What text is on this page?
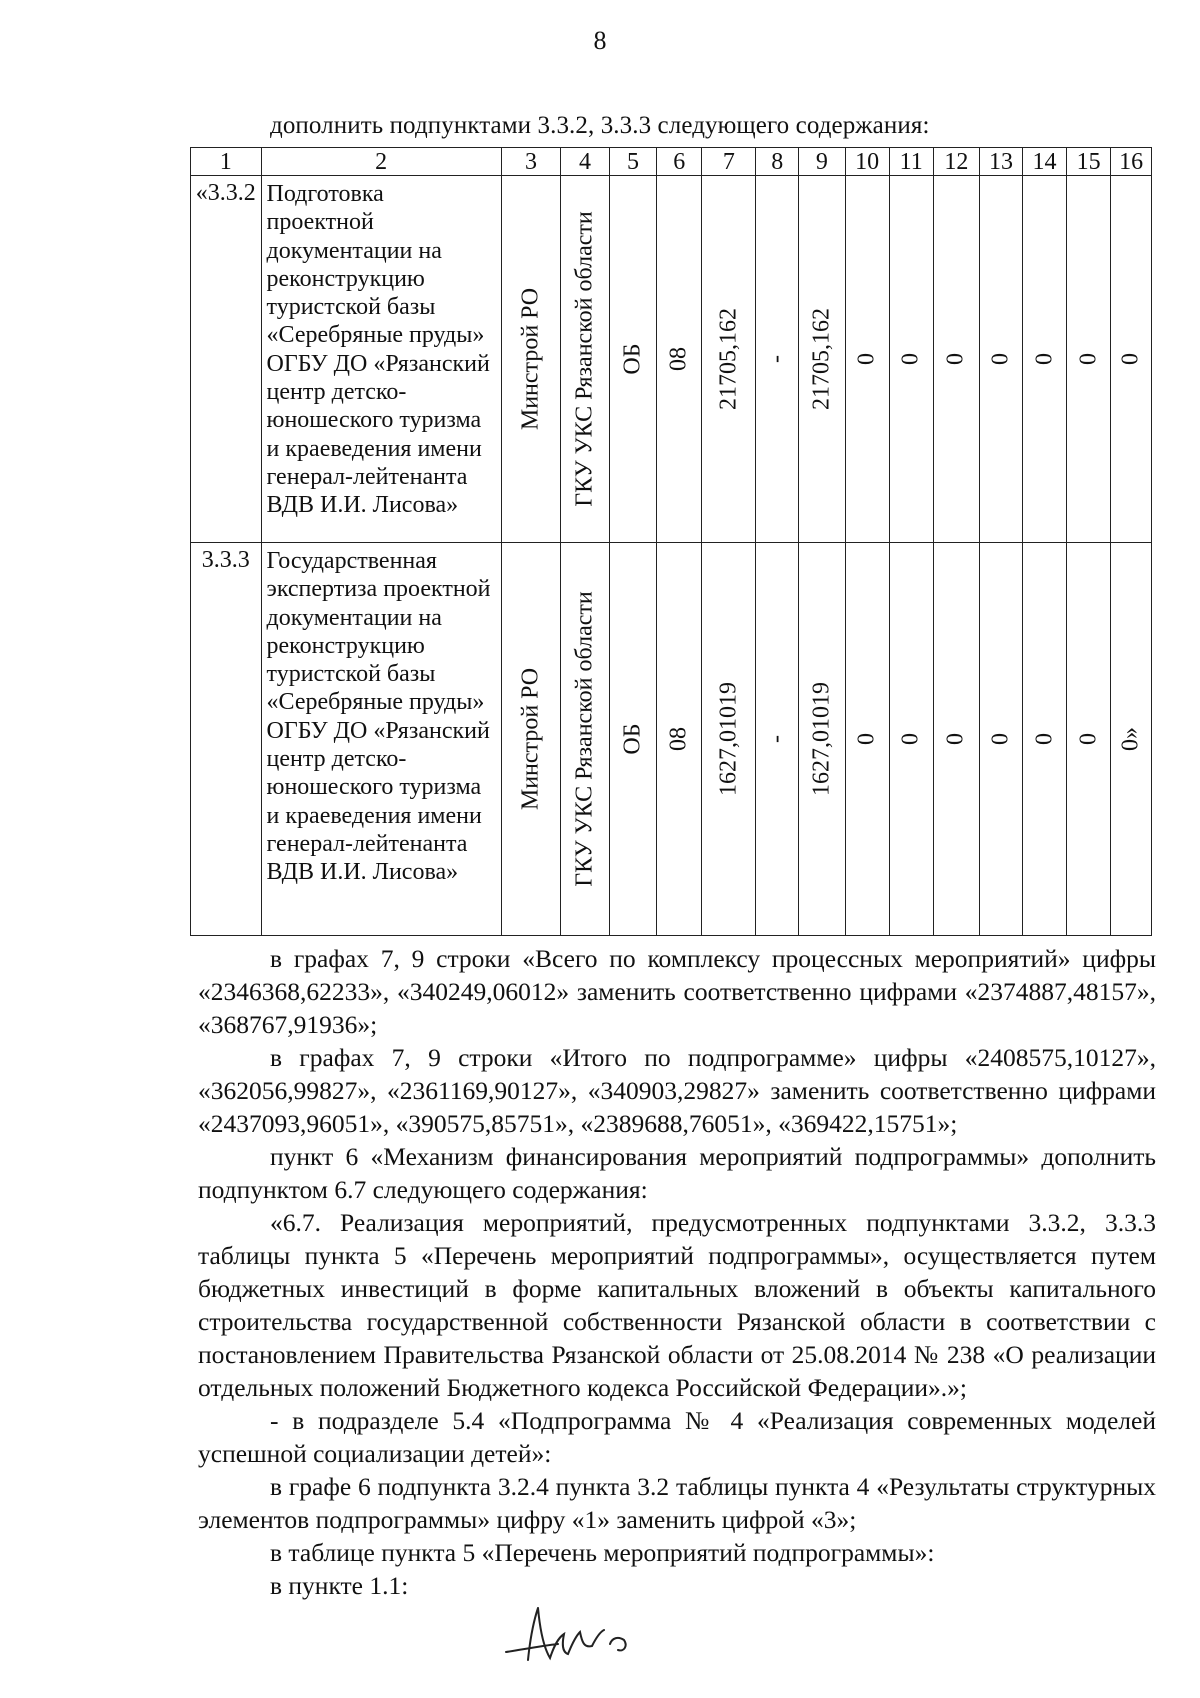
8
дополнить подпунктами 3.3.2, 3.3.3 следующего содержания:
1	2	3	4	5	6	7	8	9	10	11	12	13	14	15	16
«3.3.2	Подготовка проектной документации на реконструкцию туристской базы «Серебряные пруды» ОГБУ ДО «Рязанский центр детско-юношеского туризма и краеведения имени генерал-лейтенанта ВДВ И.И. Лисова»	Минстрой РО	ГКУ УКС Рязанской области	ОБ	08	21705,162	-	21705,162	0	0	0	0	0	0	0

3.3.3	Государственная экспертиза проектной документации на реконструкцию туристской базы «Серебряные пруды» ОГБУ ДО «Рязанский центр детско-юношеского туризма и краеведения имени генерал-лейтенанта ВДВ И.И. Лисова»	Минстрой РО	ГКУ УКС Рязанской области	ОБ	08	1627,01019	-	1627,01019	0	0	0	0	0	0	0»

в графах 7, 9 строки «Всего по комплексу процессных мероприятий» цифры «2346368,62233», «340249,06012» заменить соответственно цифрами «2374887,48157», «368767,91936»;

в графах 7, 9 строки «Итого по подпрограмме» цифры «2408575,10127», «362056,99827», «2361169,90127», «340903,29827» заменить соответственно цифрами «2437093,96051», «390575,85751», «2389688,76051», «369422,15751»;

пункт 6 «Механизм финансирования мероприятий подпрограммы» дополнить подпунктом 6.7 следующего содержания:

«6.7. Реализация мероприятий, предусмотренных подпунктами 3.3.2, 3.3.3 таблицы пункта 5 «Перечень мероприятий подпрограммы», осуществляется путем бюджетных инвестиций в форме капитальных вложений в объекты капитального строительства государственной собственности Рязанской области в соответствии с постановлением Правительства Рязанской области от 25.08.2014 № 238 «О реализации отдельных положений Бюджетного кодекса Российской Федерации».»;

- в подразделе 5.4 «Подпрограмма № 4 «Реализация современных моделей успешной социализации детей»:

в графе 6 подпункта 3.2.4 пункта 3.2 таблицы пункта 4 «Результаты структурных элементов подпрограммы» цифру «1» заменить цифрой «3»;

в таблице пункта 5 «Перечень мероприятий подпрограммы»:

в пункте 1.1:
